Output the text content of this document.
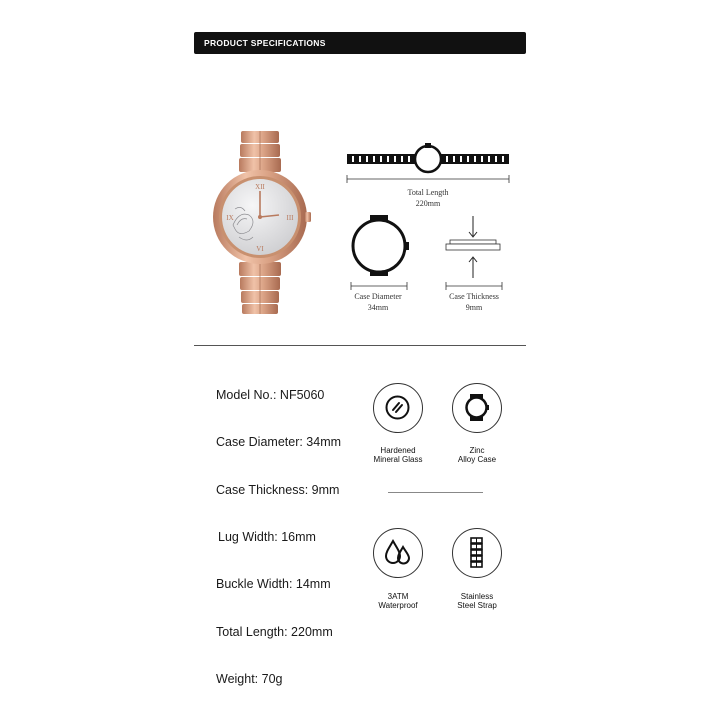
PRODUCT SPECIFICATIONS
XII
III
VI
IX
Total Length
220mm
Case Diameter
34mm
Case Thickness
9mm
Model No.: NF5060
Case Diameter: 34mm
Case Thickness: 9mm
Lug Width: 16mm
Buckle Width: 14mm
Total Length: 220mm
Weight: 70g
Hardened
Mineral Glass
Zinc
Alloy Case
3ATM
Waterproof
Stainless
Steel Strap
